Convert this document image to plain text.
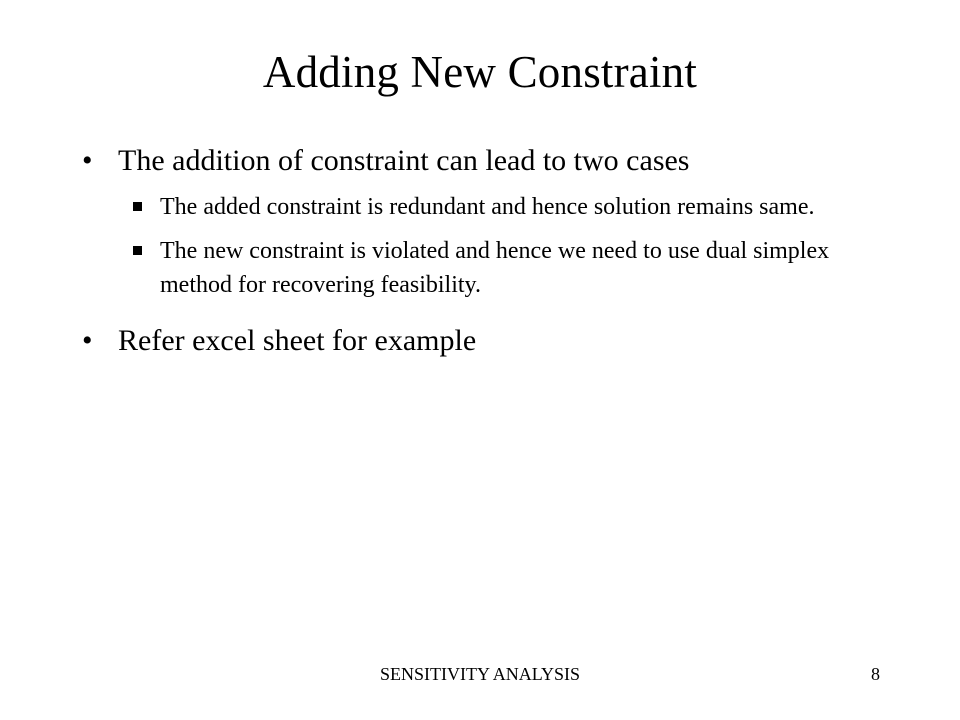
Adding New Constraint
• The addition of constraint can lead to two cases
The added constraint is redundant and hence solution remains same.
The new constraint is violated and hence we need to use dual simplex method for recovering feasibility.
• Refer excel sheet for example
SENSITIVITY ANALYSIS	8
